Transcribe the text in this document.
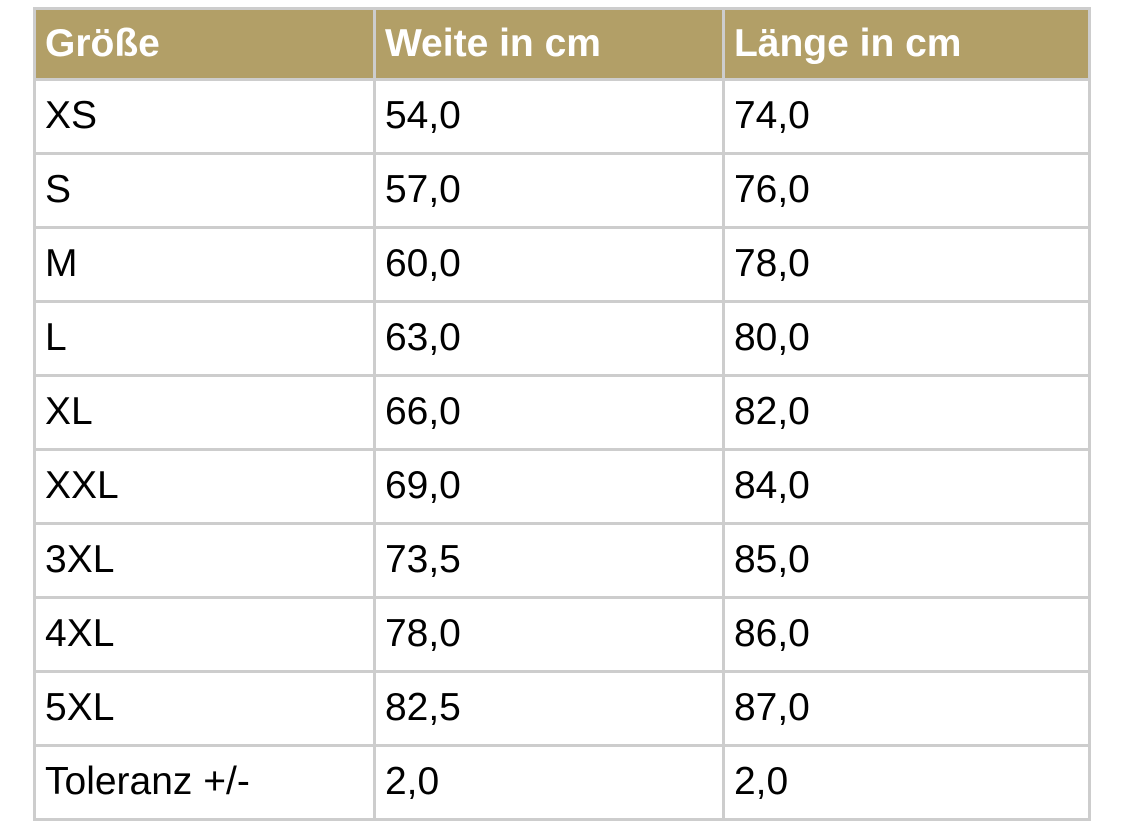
Größe	Weite in cm	Länge in cm
XS	54,0	74,0
S	57,0	76,0
M	60,0	78,0
L	63,0	80,0
XL	66,0	82,0
XXL	69,0	84,0
3XL	73,5	85,0
4XL	78,0	86,0
5XL	82,5	87,0
Toleranz +/-	2,0	2,0
